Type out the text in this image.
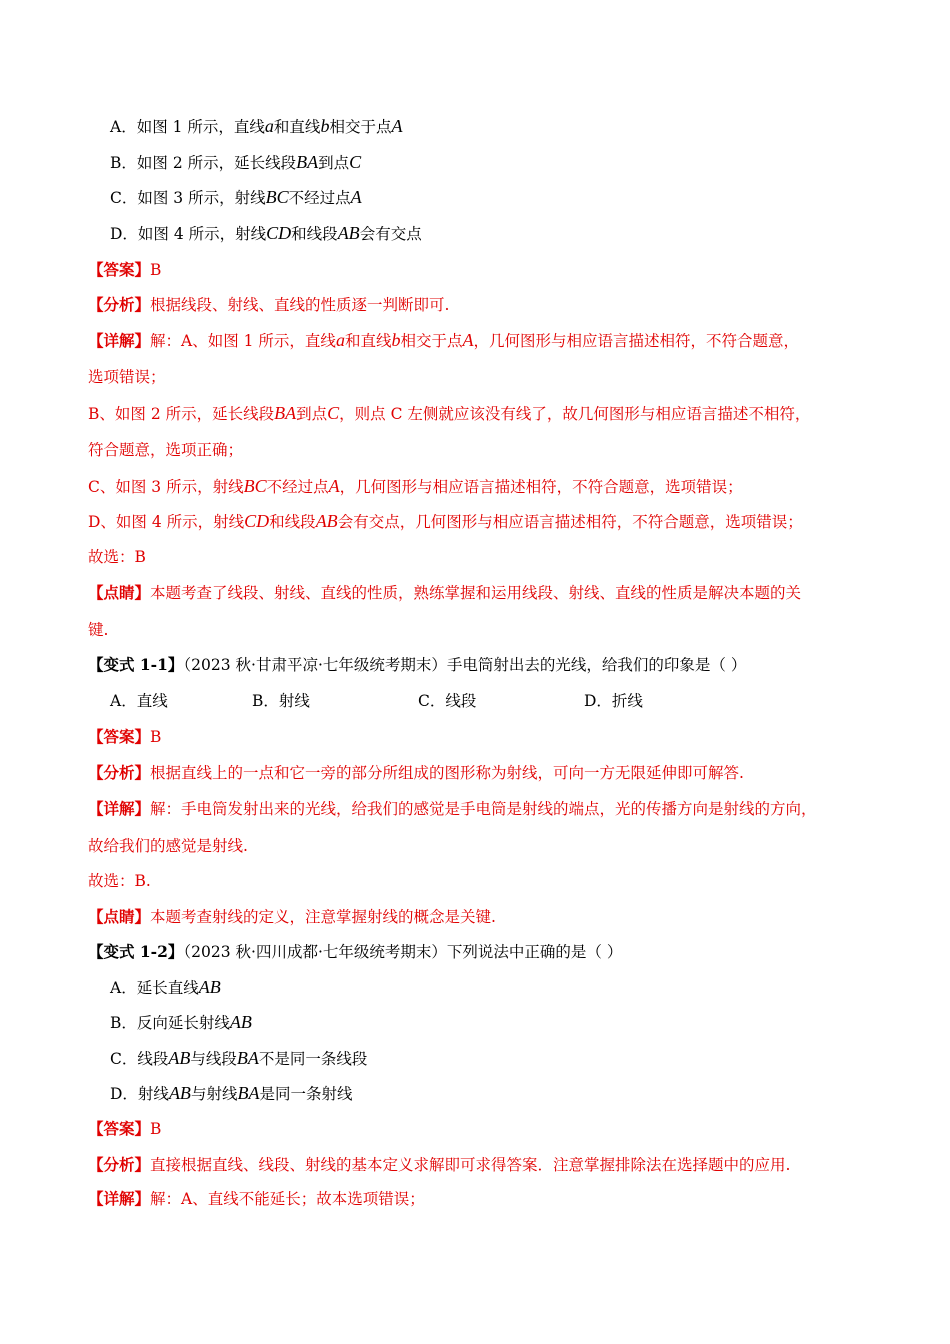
A．如图 1 所示，直线a和直线b相交于点A
B．如图 2 所示，延长线段BA到点C
C．如图 3 所示，射线BC不经过点A
D．如图 4 所示，射线CD和线段AB会有交点
【答案】B
【分析】根据线段、射线、直线的性质逐一判断即可.
【详解】解：A、如图 1 所示，直线a和直线b相交于点A，几何图形与相应语言描述相符，不符合题意，
选项错误；
B、如图 2 所示，延长线段BA到点C，则点 C 左侧就应该没有线了，故几何图形与相应语言描述不相符，
符合题意，选项正确；
C、如图 3 所示，射线BC不经过点A，几何图形与相应语言描述相符，不符合题意，选项错误；
D、如图 4 所示，射线CD和线段AB会有交点，几何图形与相应语言描述相符，不符合题意，选项错误；
故选：B
【点睛】本题考查了线段、射线、直线的性质，熟练掌握和运用线段、射线、直线的性质是解决本题的关
键.
【变式 1-1】（2023 秋·甘肃平凉·七年级统考期末）手电筒射出去的光线，给我们的印象是（ ）
A．直线	B．射线	C．线段	D．折线
【答案】B
【分析】根据直线上的一点和它一旁的部分所组成的图形称为射线，可向一方无限延伸即可解答.
【详解】解：手电筒发射出来的光线，给我们的感觉是手电筒是射线的端点，光的传播方向是射线的方向，
故给我们的感觉是射线.
故选：B.
【点睛】本题考查射线的定义，注意掌握射线的概念是关键.
【变式 1-2】（2023 秋·四川成都·七年级统考期末）下列说法中正确的是（ ）
A．延长直线AB
B．反向延长射线AB
C．线段AB与线段BA不是同一条线段
D．射线AB与射线BA是同一条射线
【答案】B
【分析】直接根据直线、线段、射线的基本定义求解即可求得答案．注意掌握排除法在选择题中的应用.
【详解】解：A、直线不能延长；故本选项错误；
